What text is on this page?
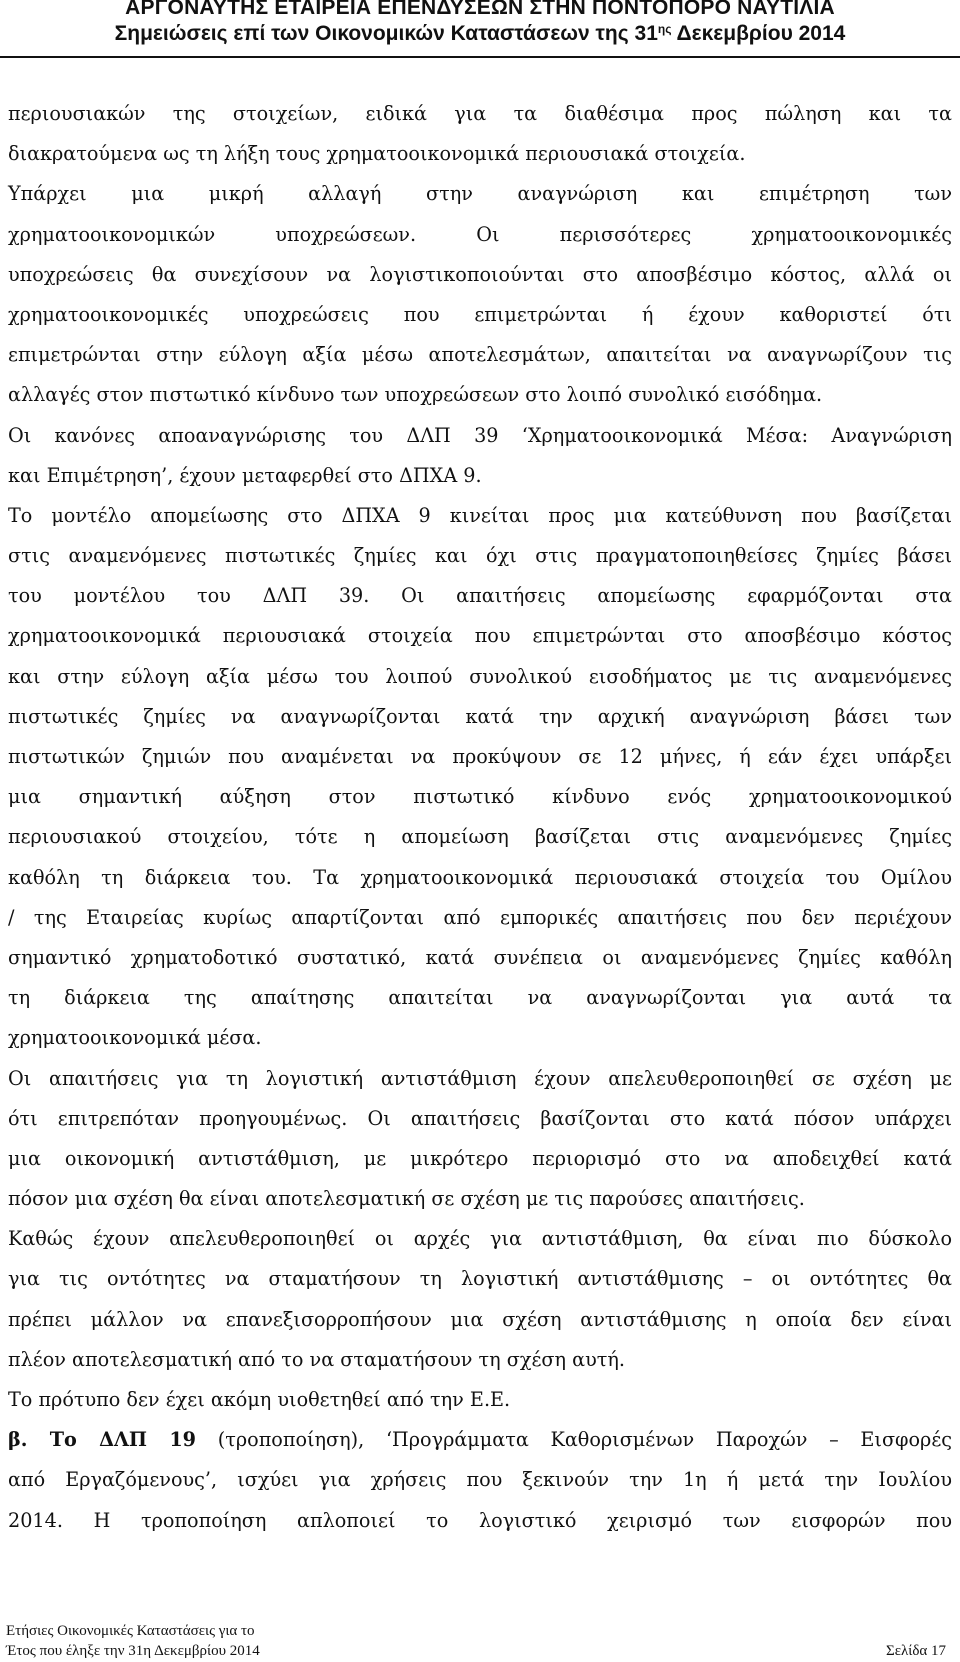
ΑΡΓΟΝΑΥΤΗΣ ΕΤΑΙΡΕΙΑ ΕΠΕΝΔΥΣΕΩΝ ΣΤΗΝ ΠΟΝΤΟΠΟΡΟ ΝΑΥΤΙΛΙΑ
Σημειώσεις επί των Οικονομικών Καταστάσεων της $31^{\eta\varsigma}$ Δεκεμβρίου 2014
περιουσιακών της στοιχείων, ειδικά για τα διαθέσιμα προς πώληση και τα
διακρατούμενα ως τη λήξη τους χρηματοοικονομικά περιουσιακά στοιχεία.
Υπάρχει μια μικρή αλλαγή στην αναγνώριση και επιμέτρηση των
χρηματοοικονομικών υποχρεώσεων. Οι περισσότερες χρηματοοικονομικές
υποχρεώσεις θα συνεχίσουν να λογιστικοποιούνται στο αποσβέσιμο κόστος, αλλά οι
χρηματοοικονομικές υποχρεώσεις που επιμετρώνται ή έχουν καθοριστεί ότι
επιμετρώνται στην εύλογη αξία μέσω αποτελεσμάτων, απαιτείται να αναγνωρίζουν τις
αλλαγές στον πιστωτικό κίνδυνο των υποχρεώσεων στο λοιπό συνολικό εισόδημα.
Οι κανόνες αποαναγνώρισης του ΔΛΠ 39 ‘Χρηματοοικονομικά Μέσα: Αναγνώριση
και Επιμέτρηση’, έχουν μεταφερθεί στο ΔΠΧΑ 9.
Το μοντέλο απομείωσης στο ΔΠΧΑ 9 κινείται προς μια κατεύθυνση που βασίζεται
στις αναμενόμενες πιστωτικές ζημίες και όχι στις πραγματοποιηθείσες ζημίες βάσει
του μοντέλου του ΔΛΠ 39. Οι απαιτήσεις απομείωσης εφαρμόζονται στα
χρηματοοικονομικά περιουσιακά στοιχεία που επιμετρώνται στο αποσβέσιμο κόστος
και στην εύλογη αξία μέσω του λοιπού συνολικού εισοδήματος με τις αναμενόμενες
πιστωτικές ζημίες να αναγνωρίζονται κατά την αρχική αναγνώριση βάσει των
πιστωτικών ζημιών που αναμένεται να προκύψουν σε 12 μήνες, ή εάν έχει υπάρξει
μια σημαντική αύξηση στον πιστωτικό κίνδυνο ενός χρηματοοικονομικού
περιουσιακού στοιχείου, τότε η απομείωση βασίζεται στις αναμενόμενες ζημίες
καθόλη τη διάρκεια του. Τα χρηματοοικονομικά περιουσιακά στοιχεία του Ομίλου
/ της Εταιρείας κυρίως απαρτίζονται από εμπορικές απαιτήσεις που δεν περιέχουν
σημαντικό χρηματοδοτικό συστατικό, κατά συνέπεια οι αναμενόμενες ζημίες καθόλη
τη διάρκεια της απαίτησης απαιτείται να αναγνωρίζονται για αυτά τα
χρηματοοικονομικά μέσα.
Οι απαιτήσεις για τη λογιστική αντιστάθμιση έχουν απελευθεροποιηθεί σε σχέση με
ότι επιτρεπόταν προηγουμένως. Οι απαιτήσεις βασίζονται στο κατά πόσον υπάρχει
μια οικονομική αντιστάθμιση, με μικρότερο περιορισμό στο να αποδειχθεί κατά
πόσον μια σχέση θα είναι αποτελεσματική σε σχέση με τις παρούσες απαιτήσεις.
Καθώς έχουν απελευθεροποιηθεί οι αρχές για αντιστάθμιση, θα είναι πιο δύσκολο
για τις οντότητες να σταματήσουν τη λογιστική αντιστάθμισης – οι οντότητες θα
πρέπει μάλλον να επανεξισορροπήσουν μια σχέση αντιστάθμισης η οποία δεν είναι
πλέον αποτελεσματική από το να σταματήσουν τη σχέση αυτή.
Το πρότυπο δεν έχει ακόμη υιοθετηθεί από την Ε.Ε.
β. Το ΔΛΠ 19 (τροποποίηση), ‘Προγράμματα Καθορισμένων Παροχών – Εισφορές
από Εργαζόμενους’, ισχύει για χρήσεις που ξεκινούν την 1η ή μετά την Ιουλίου
2014. Η τροποποίηση απλοποιεί το λογιστικό χειρισμό των εισφορών που
Ετήσιες Οικονομικές Καταστάσεις για το
Έτος που έληξε την 31η Δεκεμβρίου 2014	Σελίδα 17
